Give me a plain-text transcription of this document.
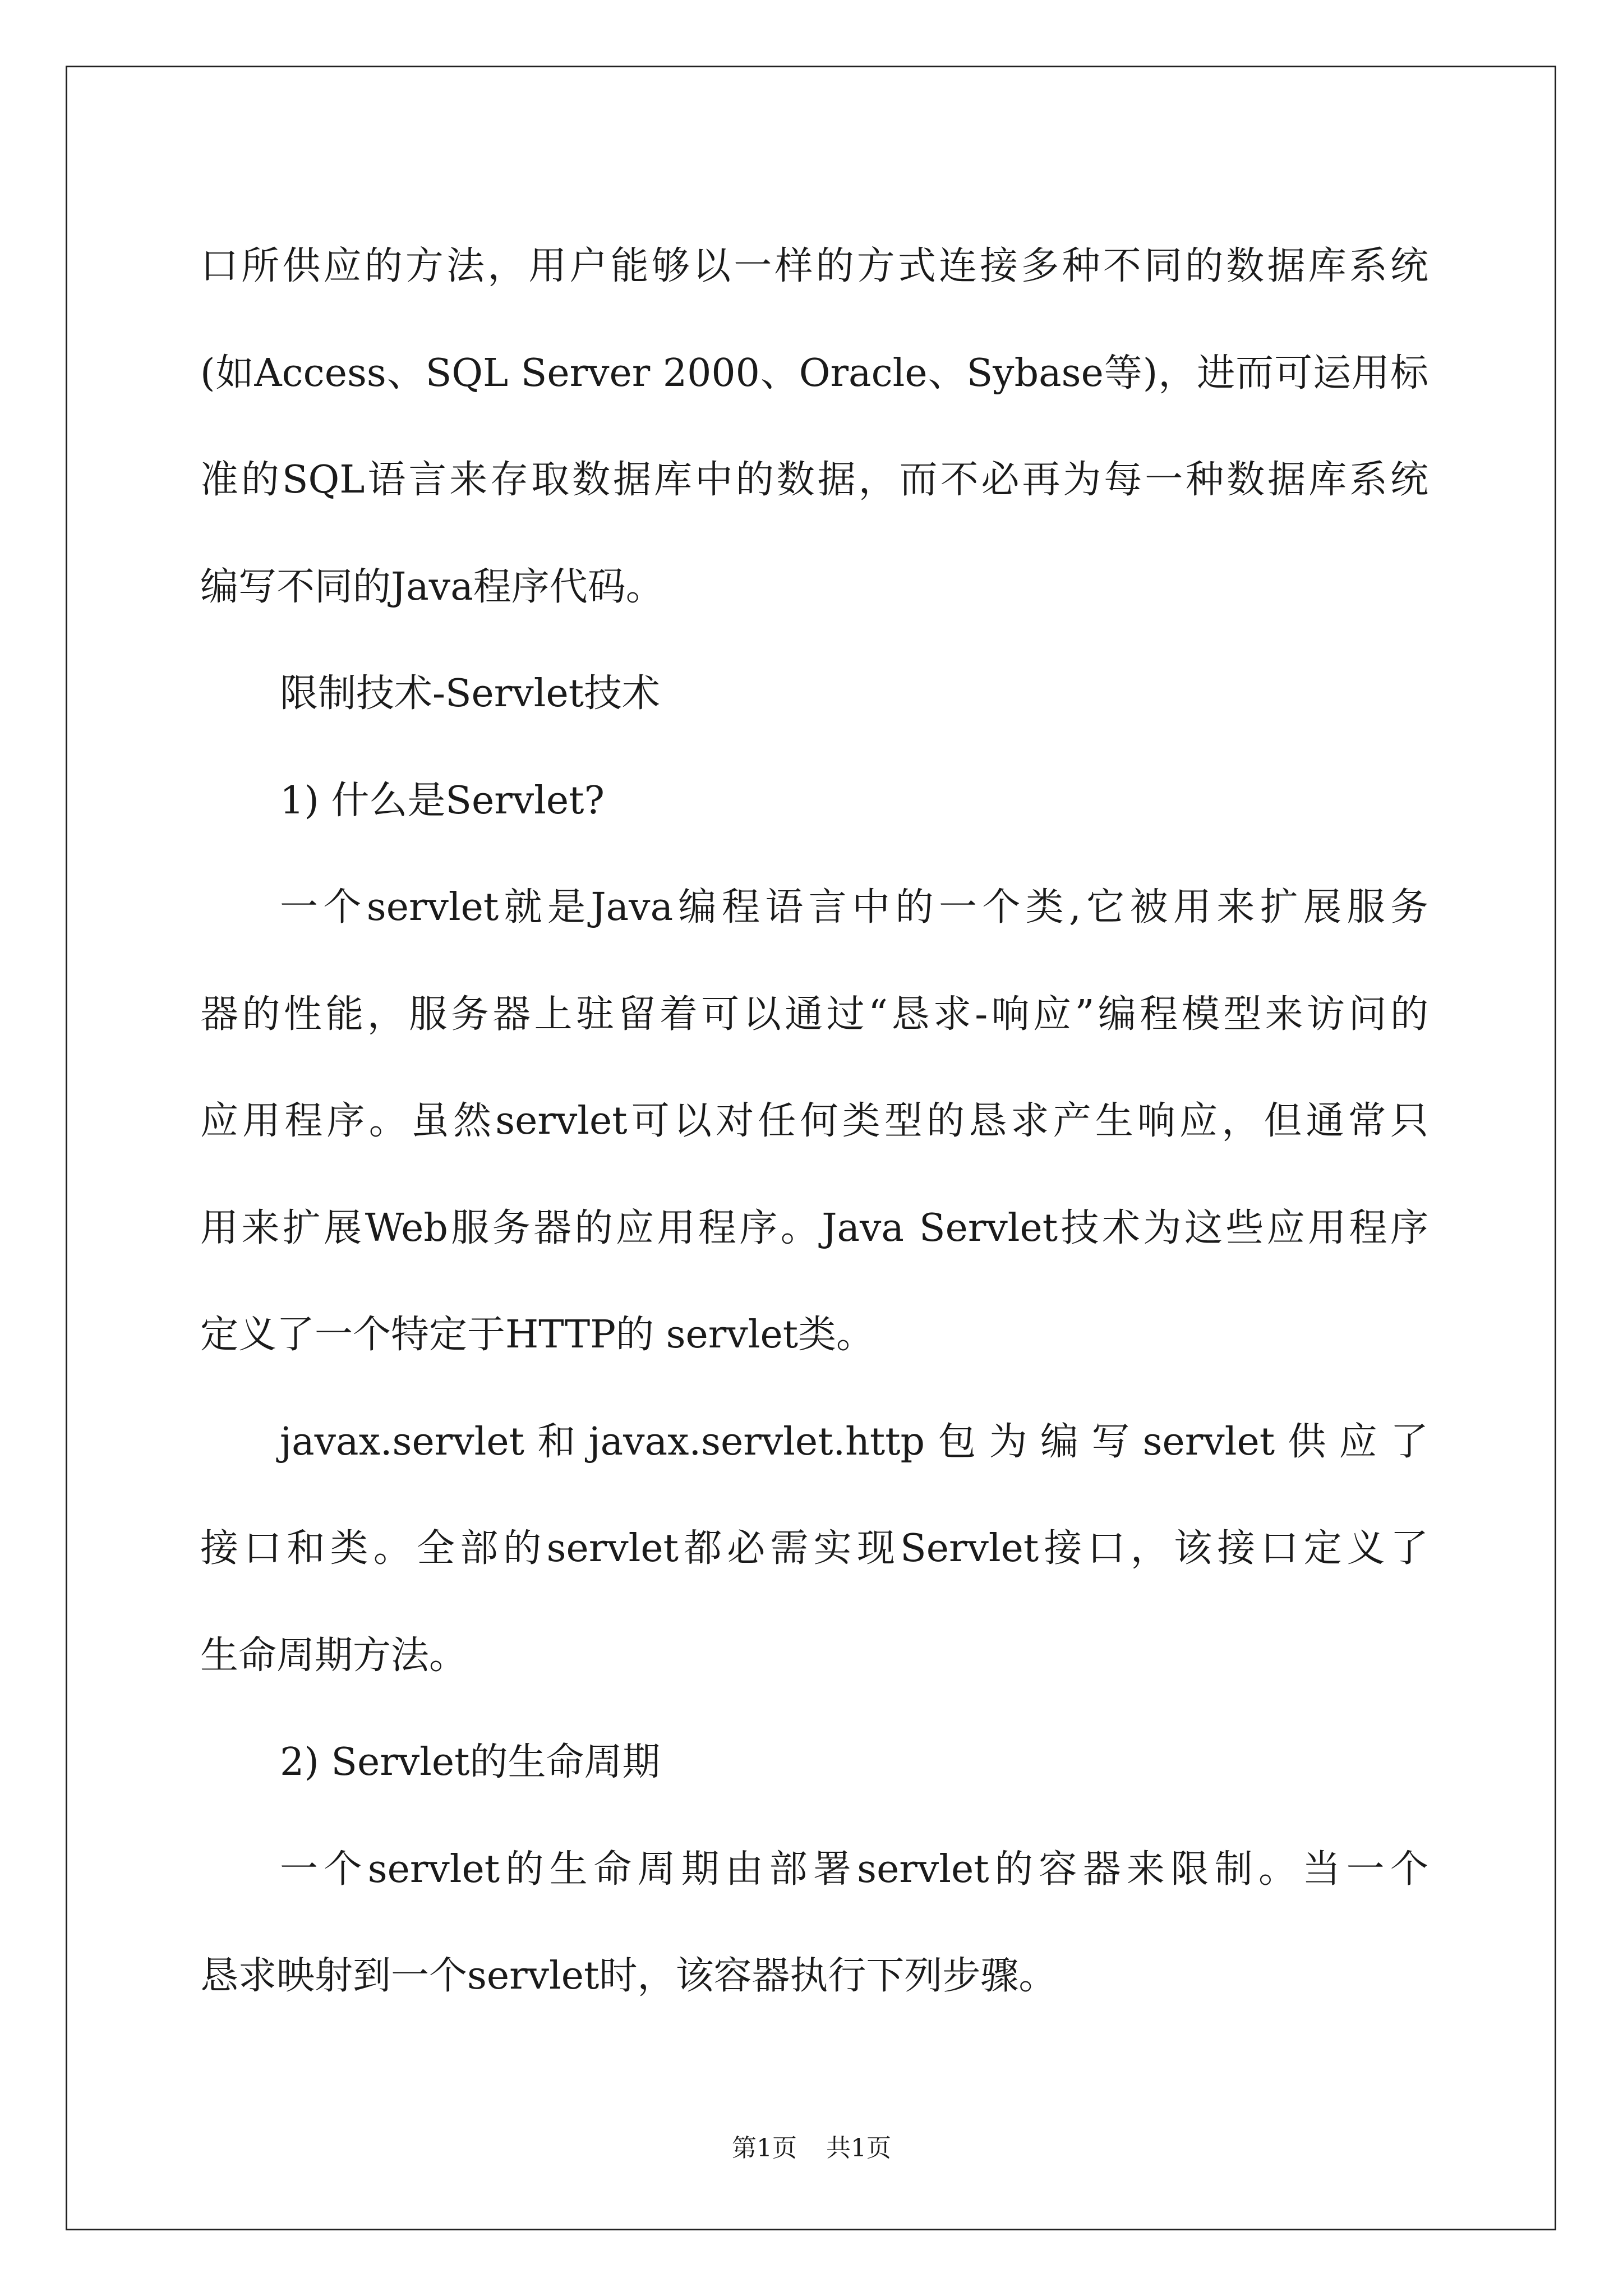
口所供应的方法，用户能够以一样的方式连接多种不同的数据库系统
(如Access、SQL Server 2000、Oracle、Sybase等)，进而可运用标
准的SQL语言来存取数据库中的数据，而不必再为每一种数据库系统
编写不同的Java程序代码。
限制技术-Servlet技术
1) 什么是Servlet?
一个servlet就是Java编程语言中的一个类,它被用来扩展服务
器的性能，服务器上驻留着可以通过“恳求-响应”编程模型来访问的
应用程序。虽然servlet可以对任何类型的恳求产生响应，但通常只
用来扩展Web服务器的应用程序。Java Servlet技术为这些应用程序
定义了一个特定于HTTP的 servlet类。
javax.servlet和javax.servlet.http包为编写servlet供应了
接口和类。全部的servlet都必需实现Servlet接口，该接口定义了
生命周期方法。
2) Servlet的生命周期
一个servlet的生命周期由部署servlet的容器来限制。当一个
恳求映射到一个servlet时，该容器执行下列步骤。
第1页 共1页
